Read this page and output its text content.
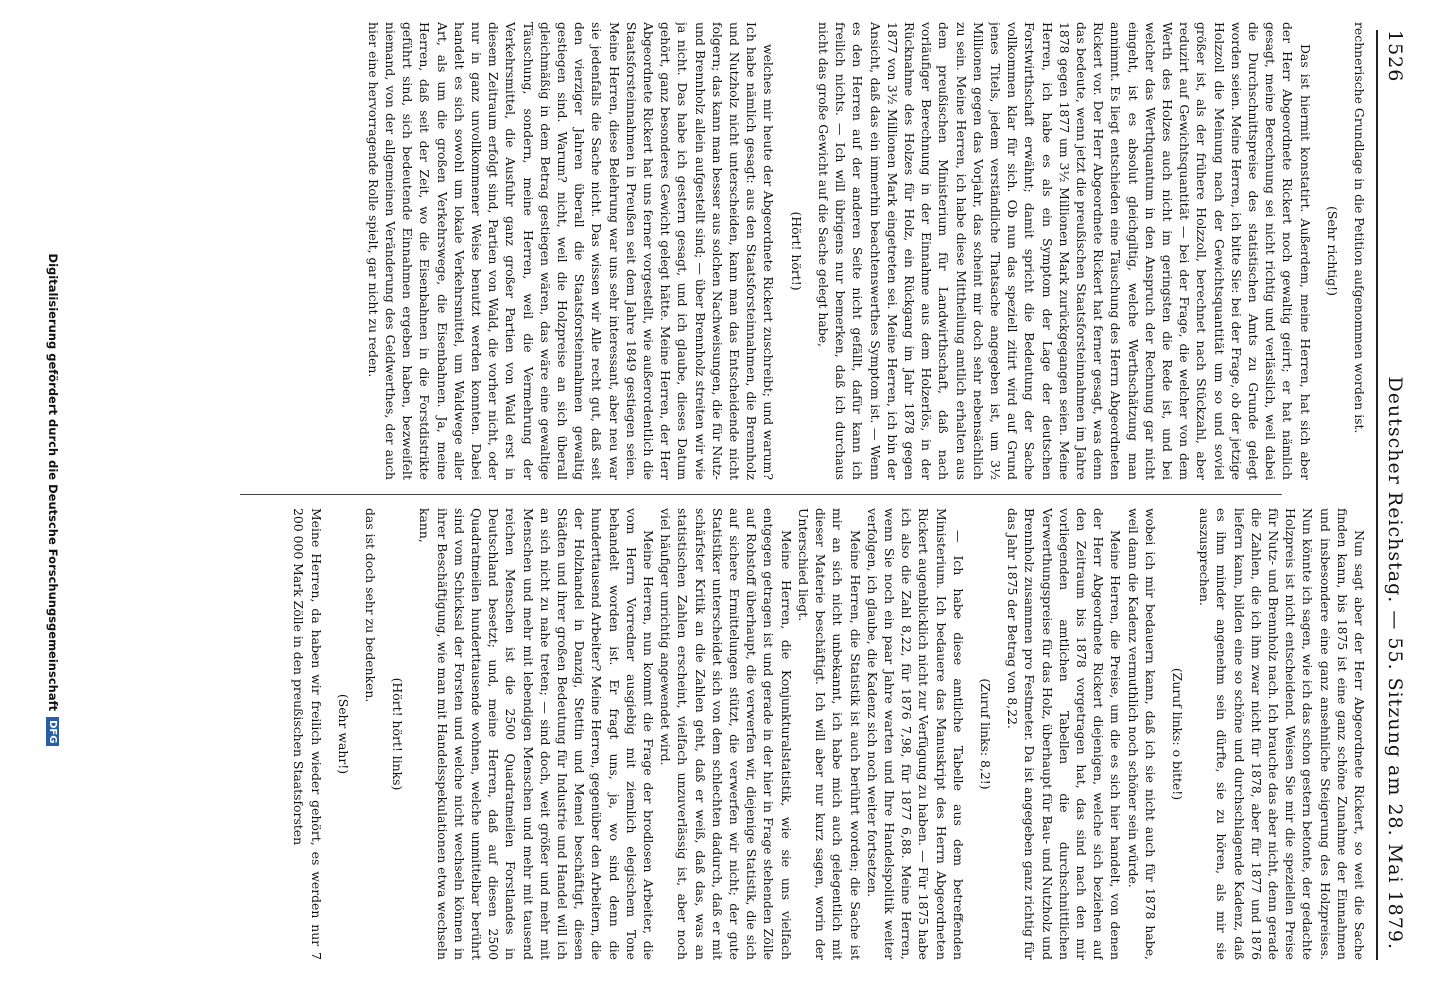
1526
Deutscher Reichstag. — 55. Sitzung am 28. Mai 1879.

rechnerische Grundlage in die Petition aufgenommen worden ist.

(Sehr richtig!)

Das ist hiermit konstatirt. Außerdem, meine Herren, hat sich aber der Herr Abgeordnete Rickert noch gewaltig geirrt; er hat nämlich gesagt, meine Berechnung sei nicht richtig und verlässlich, weil dabei die Durchschnittspreise des statistischen Amts zu Grunde gelegt worden seien. Meine Herren, ich bitte Sie: bei der Frage, ob der jetzige Holzzoll die Meinung nach der Gewichtsquantität um so und soviel größer ist, als der frühere Holzzoll, berechnet nach Stückzahl, aber reduzirt auf Gewichtsquantität — bei der Frage, die welcher von dem Werth des Holzes auch nicht im geringsten die Rede ist, und bei welcher das Werthquantum in den Anspruch der Rechnung gar nicht eingeht, ist es absolut gleichgiltig, welche Werthschätzung man annimmt. Es liegt entschieden eine Täuschung des Herrn Abgeordneten Rickert vor. Der Herr Abgeordnete Rickert hat ferner gesagt, was denn das bedeute, wenn jetzt die preußischen Staatsforsteinnahmen im Jahre 1878 gegen 1877 um 3½ Millionen Mark zurückgegangen seien. Meine Herren, ich habe es als ein Symptom der Lage der deutschen Forstwirthschaft erwähnt; damit spricht die Bedeutung der Sache vollkommen klar für sich. Ob nun das speziell zitirt wird auf Grund jenes Titels, jedem verständliche Thatsache angegeben ist, um 3½ Millionen gegen das Vorjahr, das scheint mir doch sehr nebensächlich zu sein. Meine Herren, ich habe diese Mittheilung amtlich erhalten aus dem preußischen Ministerium für Landwirthschaft, daß nach vorläufiger Berechnung in der Einnahme aus dem Holzerlös, in der Rücknahme des Holzes für Holz, ein Rückgang im Jahr 1878 gegen 1877 von 3½ Millionen Mark eingetreten sei. Meine Herren, ich bin der Ansicht, daß das ein immerhin beachtenswerthes Symptom ist. — Wenn es den Herren auf der anderen Seite nicht gefällt, dafür kann ich freilich nichts. — Ich will übrigens nur bemerken, daß ich durchaus nicht das große Gewicht auf die Sache gelegt habe,

(Hört! hört!)

welches mir heute der Abgeordnete Rickert zuschreibt; und warum? Ich habe nämlich gesagt: aus den Staatsforsteinnahmen, die Brennholz und Nutzholz nicht unterscheiden, kann man das Entscheidende nicht folgern; das kann man besser aus solchen Nachweisungen, die für Nutz- und Brennholz allein aufgestellt sind; — über Brennholz streiten wir wie ja nicht. Das habe ich gestern gesagt, und ich glaube, dieses Datum gehört, ganz besonderes Gewicht gelegt hätte. Meine Herren, der Herr Abgeordnete Rickert hat uns ferner vorgestellt, wie außerordentlich die Staatsforsteinnahmen in Preußen seit dem Jahre 1849 gestiegen seien. Meine Herren, diese Belehrung war uns sehr interessant, aber neu war sie jedenfalls die Sache nicht. Das wissen wir Alle recht gut, daß seit den vierziger Jahren überall die Staatsforsteinnahmen gewaltig gestiegen sind. Warum? nicht, weil die Holzpreise an sich überall gleichmäßig in dem Betrag gestiegen wären, das wäre eine gewaltige Täuschung, sondern, meine Herren, weil die Vermehrung der Verkehrsmittel, die Ausfuhr ganz großer Partien von Wald erst in diesem Zeitraum erfolgt sind, Partien von Wald, die vorher nicht, oder nur in ganz unvollkommener Weise benutzt werden konnten. Dabei handelt es sich sowohl um lokale Verkehrsmittel, um Waldwege aller Art, als um die großen Verkehrswege, die Eisenbahnen. Ja, meine Herren, daß seit der Zeit, wo die Eisenbahnen in die Forstdistrikte geführt sind, sich bedeutende Einnahmen ergeben haben, bezweifelt niemand, von der allgemeinen Veränderung des Geldwerthes, der auch hier eine hervorragende Rolle spielt, gar nicht zu reden.

Nun sagt aber der Herr Abgeordnete Rickert, so weit die Sache finden kann, bis 1875 ist eine ganz schöne Zunahme der Einnahmen und insbesondere eine ganz ansehnliche Steigerung des Holzpreises. Nun könnte ich sagen, wie ich das schon gestern betonte, der gedachte Holzpreis ist nicht entscheidend. Weisen Sie mir die speziellen Preise für Nutz- und Brennholz nach. Ich brauche das aber nicht, denn gerade die Zahlen, die ich ihm zwar nicht für 1878, aber für 1877 und 1876 liefern kann, bilden eine so schöne und durchschlagende Kadenz, daß es ihm minder angenehm sein dürfte, sie zu hören, als mir sie auszusprechen.

(Zuruf links: o bitte!)

wobei ich mir bedauern kann, daß ich sie nicht auch für 1878 habe, weil dann die Kadenz vermuthlich noch schöner sein würde.

Meine Herren, die Preise, um die es sich hier handelt, von denen der Herr Abgeordnete Rickert diejenigen, welche sich beziehen auf den Zeitraum bis 1878 vorgetragen hat, das sind nach den mir vorliegenden amtlichen Tabellen die durchschnittlichen Verwerthungspreise für das Holz, überhaupt für Bau- und Nutzholz und Brennholz zusammen pro Festmeter. Da ist angegeben ganz richtig für das Jahr 1875 der Betrag von 8,22.

(Zuruf links: 8,2!)

— Ich habe diese amtliche Tabelle aus dem betreffenden Ministerium. Ich bedauere das Manuskript des Herrn Abgeordneten Rickert augenblicklich nicht zur Verfügung zu haben. — Für 1875 habe ich also die Zahl 8,22, für 1876 7,98, für 1877 6,88. Meine Herren, wenn Sie noch ein paar Jahre warten und Ihre Handelspolitik weiter verfolgen, ich glaube, die Kadenz sich noch weiter fortsetzen.

Meine Herren, die Statistik ist auch berührt worden; die Sache ist mir an sich nicht unbekannt, ich habe mich auch gelegentlich mit dieser Materie beschäftigt. Ich will aber nur kurz sagen, worin der Unterschied liegt.

Meine Herren, die Konjunkturalstatistik, wie sie uns vielfach entgegen getragen ist und gerade in der hier in Frage stehenden Zölle auf Rohstoff überhaupt, die verwerfen wir, diejenige Statistik, die sich auf sichere Ermittelungen stützt, die verwerfen wir nicht; der gute Statistiker unterscheidet sich von dem schlechten dadurch, daß er mit schärfster Kritik an die Zahlen geht, daß er weiß, daß das, was an statistischen Zahlen erscheint, vielfach unzuverlässig ist, aber noch viel häufiger unrichtig angewendet wird.

Meine Herren, nun kommt die Frage der brodlosen Arbeiter, die vom Herrn Vorredner ausgiebig mit ziemlich elegischem Tone behandelt worden ist. Er fragt uns, ja, wo sind denn die hunderttausend Arbeiter? Meine Herren, gegenüber den Arbeitern, die der Holzhandel in Danzig, Stettin und Memel beschäftigt, diesen Städten und ihrer großen Bedeutung für Industrie und Handel will ich an sich nicht zu nahe treten; — sind doch, weit größer und mehr mit Menschen und mehr mit lebendigen Menschen und mehr mit tausend reichen Menschen ist die 2500 Quadratmeilen Forstlandes in Deutschland besetzt; und, meine Herren, daß auf diesen 2500 Quadratmeilen hunderttausende wohnen, welche unmittelbar berührt sind vom Schicksal der Forsten und welche nicht wechseln können in ihrer Beschäftigung, wie man mit Handelsspekulationen etwa wechseln kann,

(Hört! hört! links)

das ist doch sehr zu bedenken.

(Sehr wahr!)

Meine Herren, da haben wir freilich wieder gehört, es werden nur 7 200 000 Mark Zölle in den preußischen Staatsforsten

Digitalisierung gefördert durch die Deutsche Forschungsgemeinschaft
DFG
